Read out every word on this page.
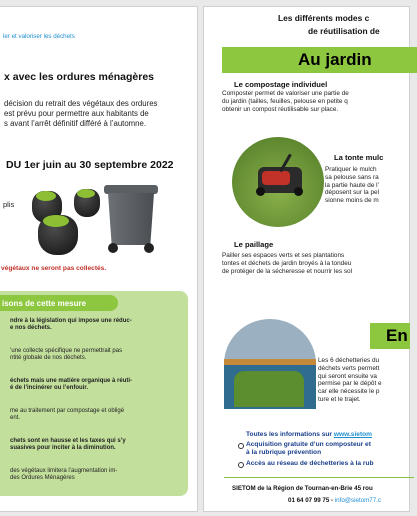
ler et valoriser les déchets
x avec les ordures ménagères
décision du retrait des végétaux des ordures
est prévu pour permettre aux habitants de
s avant l’arrêt définitif différé à l’automne.
DU 1er juin au 30 septembre 2022
plis
végétaux ne seront pas collectés.
isons de cette mesure
ndre à la législation qui impose une réduc-
e nos déchets.
’une collecte spécifique ne permettrait pas
ntité globale de nos déchets.
échets mais une matière organique à réuti-
é de l’incinérer ou l’enfouir.
me au traitement par compostage et obligé
ent.
chets sont en hausse et les taxes qui s’y
suasives pour inciter à la diminution.
des végétaux limitera l’augmentation im-
des Ordures Ménagères
Les différents modes c
de réutilisation de
Au jardin
Le compostage individuel
Composter permet de valoriser une partie de
du jardin (tailles, feuilles, pelouse en petite q
obtenir un compost réutilisable sur place.
La tonte mulc
Pratiquer le mulch
sa pelouse sans ra
la partie haute de l’
déposent sur la pel
sionne moins de m
Le paillage
Pailler ses espaces verts et ses plantations
tontes et déchets de jardin broyés à la tondeu
de protéger de la sécheresse et nourrir les sol
En
Les 6 déchetteries du
déchets verts permett
qui seront ensuite va
permise par le dépôt e
car elle nécessite le p
ture et le trajet.
Toutes les informations sur www.sietom
Acquisition gratuite d’un composteur et
à la rubrique prévention
Accès au réseau de déchetteries à la rub
SIETOM de la Région de Tournan-en-Brie 45 rou
01 64 07 99 75 - info@sietom77.c
